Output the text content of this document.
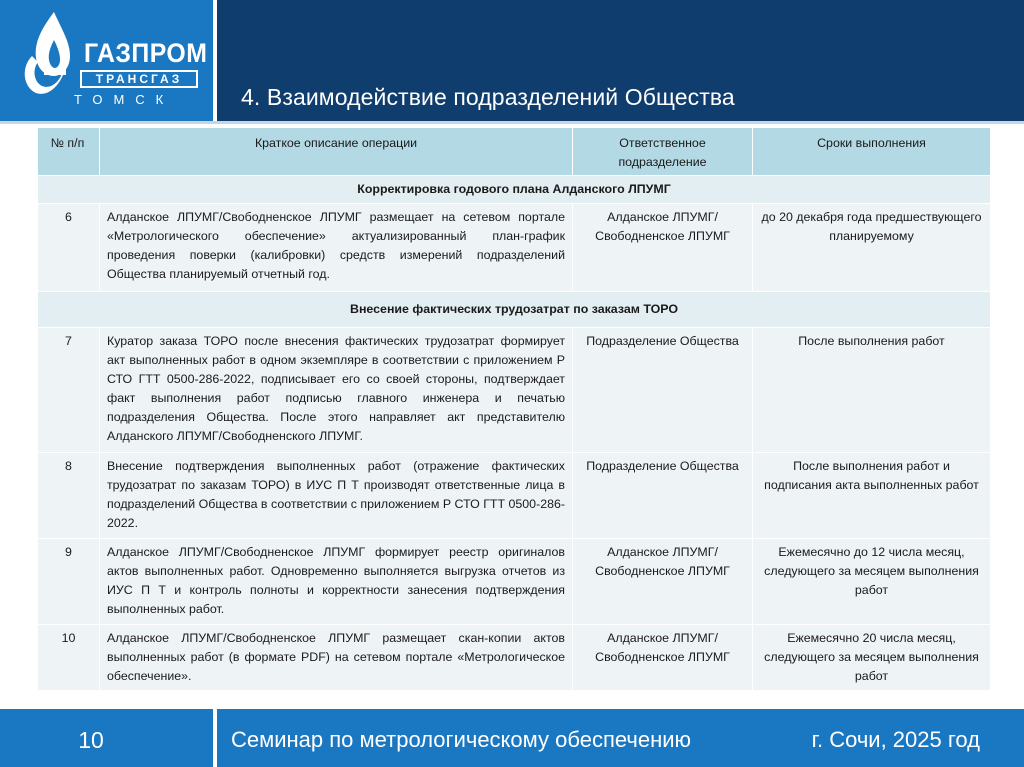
ГАЗПРОМ
ТРАНСГАЗ
ТОМСК	4. Взаимодействие подразделений Общества
№ п/п	Краткое описание операции	Ответственное подразделение	Сроки выполнения
Корректировка годового плана Алданского ЛПУМГ			
6	Алданское ЛПУМГ/Свободненское ЛПУМГ размещает на сетевом портале «Метрологического обеспечение» актуализированный план-график проведения поверки (калибровки) средств измерений подразделений Общества планируемый отчетный год.	Алданское ЛПУМГ/ Свободненское ЛПУМГ	до 20 декабря года предшествующего планируемому
Внесение фактических трудозатрат по заказам ТОРО			
7	Куратор заказа ТОРО после внесения фактических трудозатрат формирует акт выполненных работ в одном экземпляре в соответствии с приложением Р СТО ГТТ 0500-286-2022, подписывает его со своей стороны, подтверждает факт выполнения работ подписью главного инженера и печатью подразделения Общества. После этого направляет акт представителю Алданского ЛПУМГ/Свободненского ЛПУМГ.	Подразделение Общества	После выполнения работ
8	Внесение подтверждения выполненных работ (отражение фактических трудозатрат по заказам ТОРО) в ИУС П Т производят ответственные лица в подразделений Общества в соответствии с приложением Р СТО ГТТ 0500-286-2022.	Подразделение Общества	После выполнения работ и подписания акта выполненных работ
9	Алданское ЛПУМГ/Свободненское ЛПУМГ формирует реестр оригиналов актов выполненных работ. Одновременно выполняется выгрузка отчетов из ИУС П Т и контроль полноты и корректности занесения подтверждения выполненных работ.	Алданское ЛПУМГ/ Свободненское ЛПУМГ	Ежемесячно до 12 числа месяц, следующего за месяцем выполнения работ
10	Алданское ЛПУМГ/Свободненское ЛПУМГ размещает скан-копии актов выполненных работ (в формате PDF) на сетевом портале «Метрологическое обеспечение».	Алданское ЛПУМГ/ Свободненское ЛПУМГ	Ежемесячно 20 числа месяц, следующего за месяцем выполнения работ
10	Семинар по метрологическому обеспечению	г. Сочи, 2025 год
